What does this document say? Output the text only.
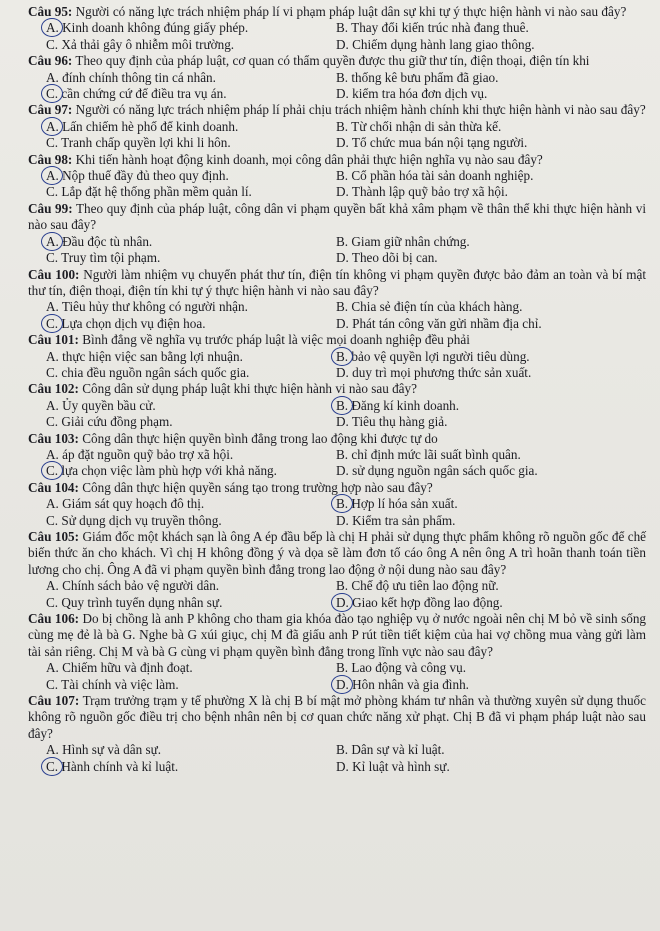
Câu 95: Người có năng lực trách nhiệm pháp lí vi phạm pháp luật dân sự khi tự ý thực hiện hành vi nào sau đây?

A. Kinh doanh không đúng giấy phép.	B. Thay đổi kiến trúc nhà đang thuê.
C. Xả thải gây ô nhiễm môi trường.	D. Chiếm dụng hành lang giao thông.

Câu 96: Theo quy định của pháp luật, cơ quan có thẩm quyền được thu giữ thư tín, điện thoại, điện tín khi

A. đính chính thông tin cá nhân.	B. thống kê bưu phẩm đã giao.
C. cần chứng cứ để điều tra vụ án.	D. kiểm tra hóa đơn dịch vụ.

Câu 97: Người có năng lực trách nhiệm pháp lí phải chịu trách nhiệm hành chính khi thực hiện hành vi nào sau đây?

A. Lấn chiếm hè phố để kinh doanh.	B. Từ chối nhận di sản thừa kế.
C. Tranh chấp quyền lợi khi li hôn.	D. Tổ chức mua bán nội tạng người.

Câu 98: Khi tiến hành hoạt động kinh doanh, mọi công dân phải thực hiện nghĩa vụ nào sau đây?

A. Nộp thuế đầy đủ theo quy định.	B. Cổ phần hóa tài sản doanh nghiệp.
C. Lắp đặt hệ thống phần mềm quản lí.	D. Thành lập quỹ bảo trợ xã hội.

Câu 99: Theo quy định của pháp luật, công dân vi phạm quyền bất khả xâm phạm về thân thể khi thực hiện hành vi nào sau đây?

A. Đầu độc tù nhân.	B. Giam giữ nhân chứng.
C. Truy tìm tội phạm.	D. Theo dõi bị can.

Câu 100: Người làm nhiệm vụ chuyển phát thư tín, điện tín không vi phạm quyền được bảo đảm an toàn và bí mật thư tín, điện thoại, điện tín khi tự ý thực hiện hành vi nào sau đây?

A. Tiêu hủy thư không có người nhận.	B. Chia sẻ điện tín của khách hàng.
C. Lựa chọn dịch vụ điện hoa.	D. Phát tán công văn gửi nhầm địa chỉ.

Câu 101: Bình đẳng về nghĩa vụ trước pháp luật là việc mọi doanh nghiệp đều phải

A. thực hiện việc san bằng lợi nhuận.	B. bảo vệ quyền lợi người tiêu dùng.
C. chia đều nguồn ngân sách quốc gia.	D. duy trì mọi phương thức sản xuất.

Câu 102: Công dân sử dụng pháp luật khi thực hiện hành vi nào sau đây?

A. Ủy quyền bầu cử.	B. Đăng kí kinh doanh.
C. Giải cứu đồng phạm.	D. Tiêu thụ hàng giả.

Câu 103: Công dân thực hiện quyền bình đẳng trong lao động khi được tự do

A. áp đặt nguồn quỹ bảo trợ xã hội.	B. chỉ định mức lãi suất bình quân.
C. lựa chọn việc làm phù hợp với khả năng.	D. sử dụng nguồn ngân sách quốc gia.

Câu 104: Công dân thực hiện quyền sáng tạo trong trường hợp nào sau đây?

A. Giám sát quy hoạch đô thị.	B. Hợp lí hóa sản xuất.
C. Sử dụng dịch vụ truyền thông.	D. Kiểm tra sản phẩm.

Câu 105: Giám đốc một khách sạn là ông A ép đầu bếp là chị H phải sử dụng thực phẩm không rõ nguồn gốc để chế biến thức ăn cho khách. Vì chị H không đồng ý và dọa sẽ làm đơn tố cáo ông A nên ông A trì hoãn thanh toán tiền lương cho chị. Ông A đã vi phạm quyền bình đẳng trong lao động ở nội dung nào sau đây?

A. Chính sách bảo vệ người dân.	B. Chế độ ưu tiên lao động nữ.
C. Quy trình tuyển dụng nhân sự.	D. Giao kết hợp đồng lao động.

Câu 106: Do bị chồng là anh P không cho tham gia khóa đào tạo nghiệp vụ ở nước ngoài nên chị M bỏ về sinh sống cùng mẹ đẻ là bà G. Nghe bà G xúi giục, chị M đã giấu anh P rút tiền tiết kiệm của hai vợ chồng mua vàng gửi làm tài sản riêng. Chị M và bà G cùng vi phạm quyền bình đẳng trong lĩnh vực nào sau đây?

A. Chiếm hữu và định đoạt.	B. Lao động và công vụ.
C. Tài chính và việc làm.	D. Hôn nhân và gia đình.

Câu 107: Trạm trưởng trạm y tế phường X là chị B bí mật mở phòng khám tư nhân và thường xuyên sử dụng thuốc không rõ nguồn gốc điều trị cho bệnh nhân nên bị cơ quan chức năng xử phạt. Chị B đã vi phạm pháp luật nào sau đây?

A. Hình sự và dân sự.	B. Dân sự và kỉ luật.
C. Hành chính và kỉ luật.	D. Kỉ luật và hình sự.
